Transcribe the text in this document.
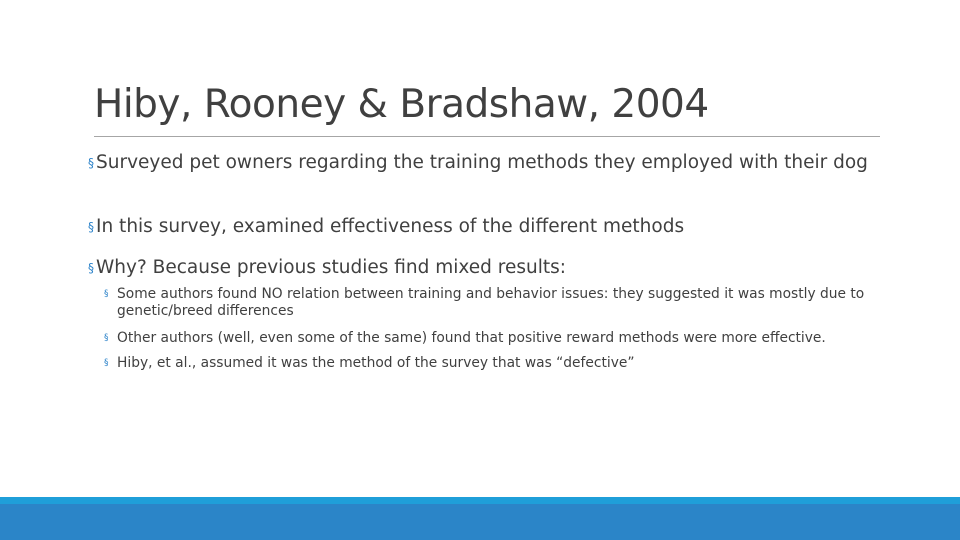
Hiby, Rooney & Bradshaw, 2004
§ Surveyed pet owners regarding the training methods they employed with their dog
§ In this survey, examined effectiveness of the different methods
§ Why? Because previous studies find mixed results:
§ Some authors found NO relation between training and behavior issues: they suggested it was mostly due to genetic/breed differences
§ Other authors (well, even some of the same) found that positive reward methods were more effective.
§ Hiby, et al., assumed it was the method of the survey that was “defective”
